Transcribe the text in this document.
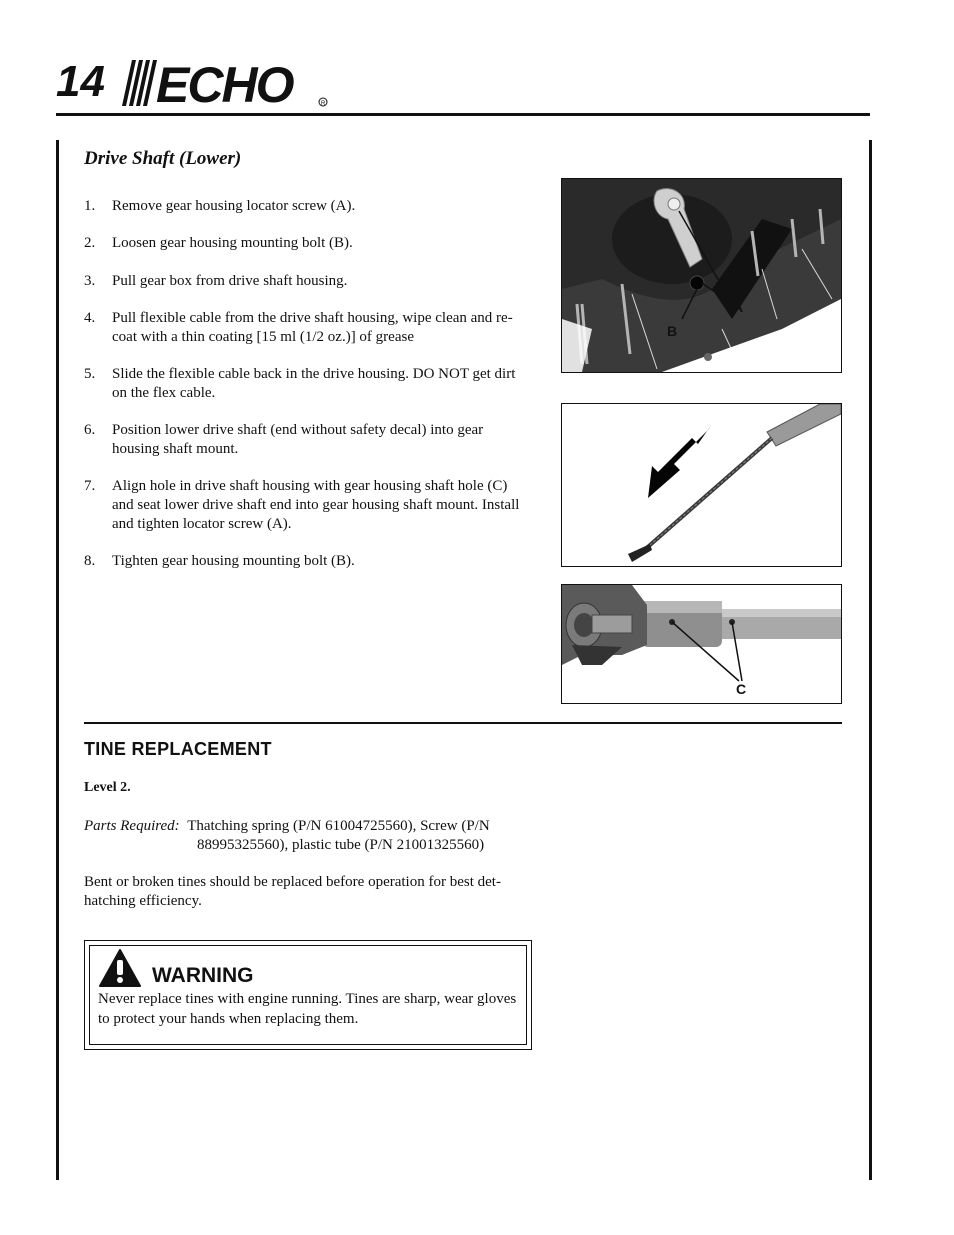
14 ECHO	R
Drive Shaft (Lower)
1. Remove gear housing locator screw (A).
2. Loosen gear housing mounting bolt (B).
3. Pull gear box from drive shaft housing.
4. Pull flexible cable from the drive shaft housing, wipe clean and re-coat with a thin coating [15 ml (1/2 oz.)] of grease
5. Slide the flexible cable back in the drive housing. DO NOT get dirt on the flex cable.
6. Position lower drive shaft (end without safety decal) into gear housing shaft mount.
7. Align hole in drive shaft housing with gear housing shaft hole (C) and seat lower drive shaft end into gear housing shaft mount. Install and tighten locator screw (A).
8. Tighten gear housing mounting bolt (B).
A
B
C
TINE REPLACEMENT
Level 2.
Parts Required: Thatching spring (P/N 61004725560), Screw (P/N
88995325560), plastic tube (P/N 21001325560)
Bent or broken tines should be replaced before operation for best det-hatching efficiency.
WARNING
Never replace tines with engine running. Tines are sharp, wear gloves to protect your hands when replacing them.
